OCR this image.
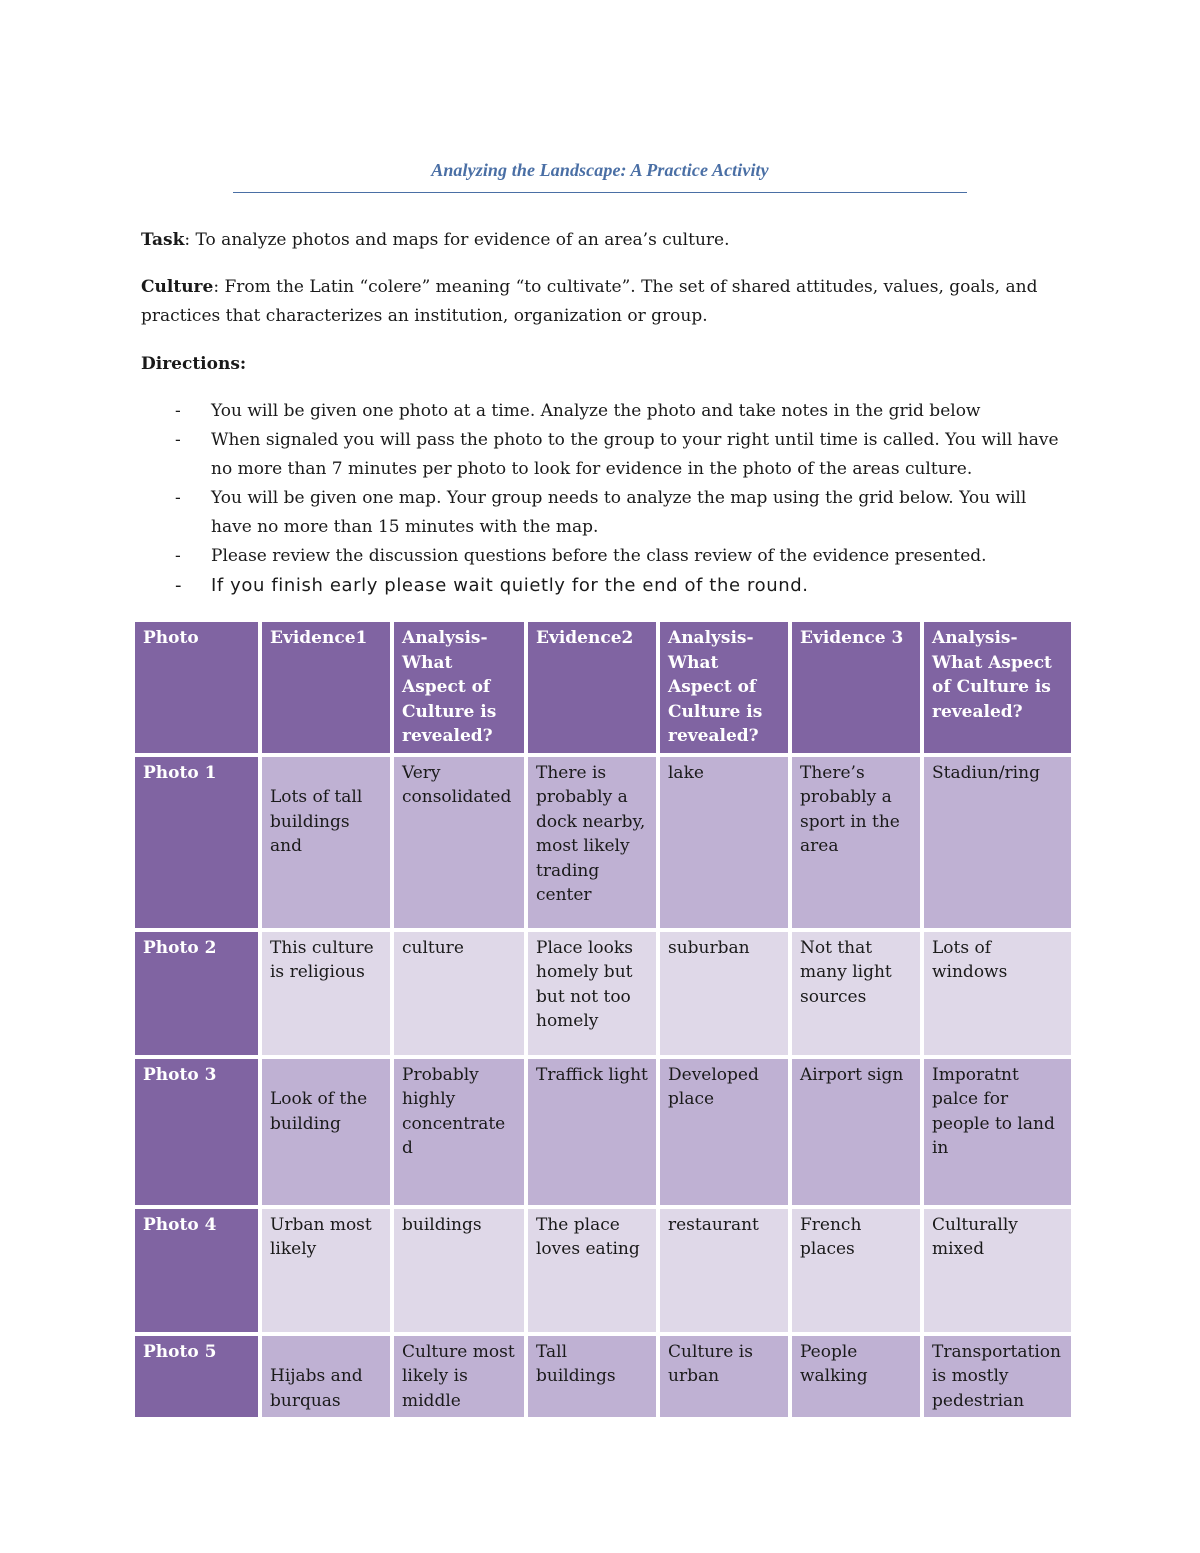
Analyzing the Landscape: A Practice Activity
Task: To analyze photos and maps for evidence of an area’s culture.
Culture: From the Latin “colere” meaning “to cultivate”. The set of shared attitudes, values, goals, and practices that characterizes an institution, organization or group.
Directions:
- You will be given one photo at a time. Analyze the photo and take notes in the grid below
- When signaled you will pass the photo to the group to your right until time is called. You will have no more than 7 minutes per photo to look for evidence in the photo of the areas culture.
- You will be given one map. Your group needs to analyze the map using the grid below. You will have no more than 15 minutes with the map.
- Please review the discussion questions before the class review of the evidence presented.
- If you finish early please wait quietly for the end of the round.
Photo	Evidence1	Analysis- What Aspect of Culture is revealed?	Evidence2	Analysis- What Aspect of Culture is revealed?	Evidence 3	Analysis- What Aspect of Culture is revealed?
Photo 1	Lots of tall buildings and	Very consolidated	There is probably a dock nearby, most likely trading center	lake	There’s probably a sport in the area	Stadiun/ring
Photo 2	This culture is religious	culture	Place looks homely but but not too homely	suburban	Not that many light sources	Lots of windows
Photo 3	Look of the building	Probably highly concentrated	Traffick light	Developed place	Airport sign	Imporatnt palce for people to land in
Photo 4	Urban most likely	buildings	The place loves eating	restaurant	French places	Culturally mixed
Photo 5	Hijabs and burquas	Culture most likely is middle	Tall buildings	Culture is urban	People walking	Transportation is mostly pedestrian
